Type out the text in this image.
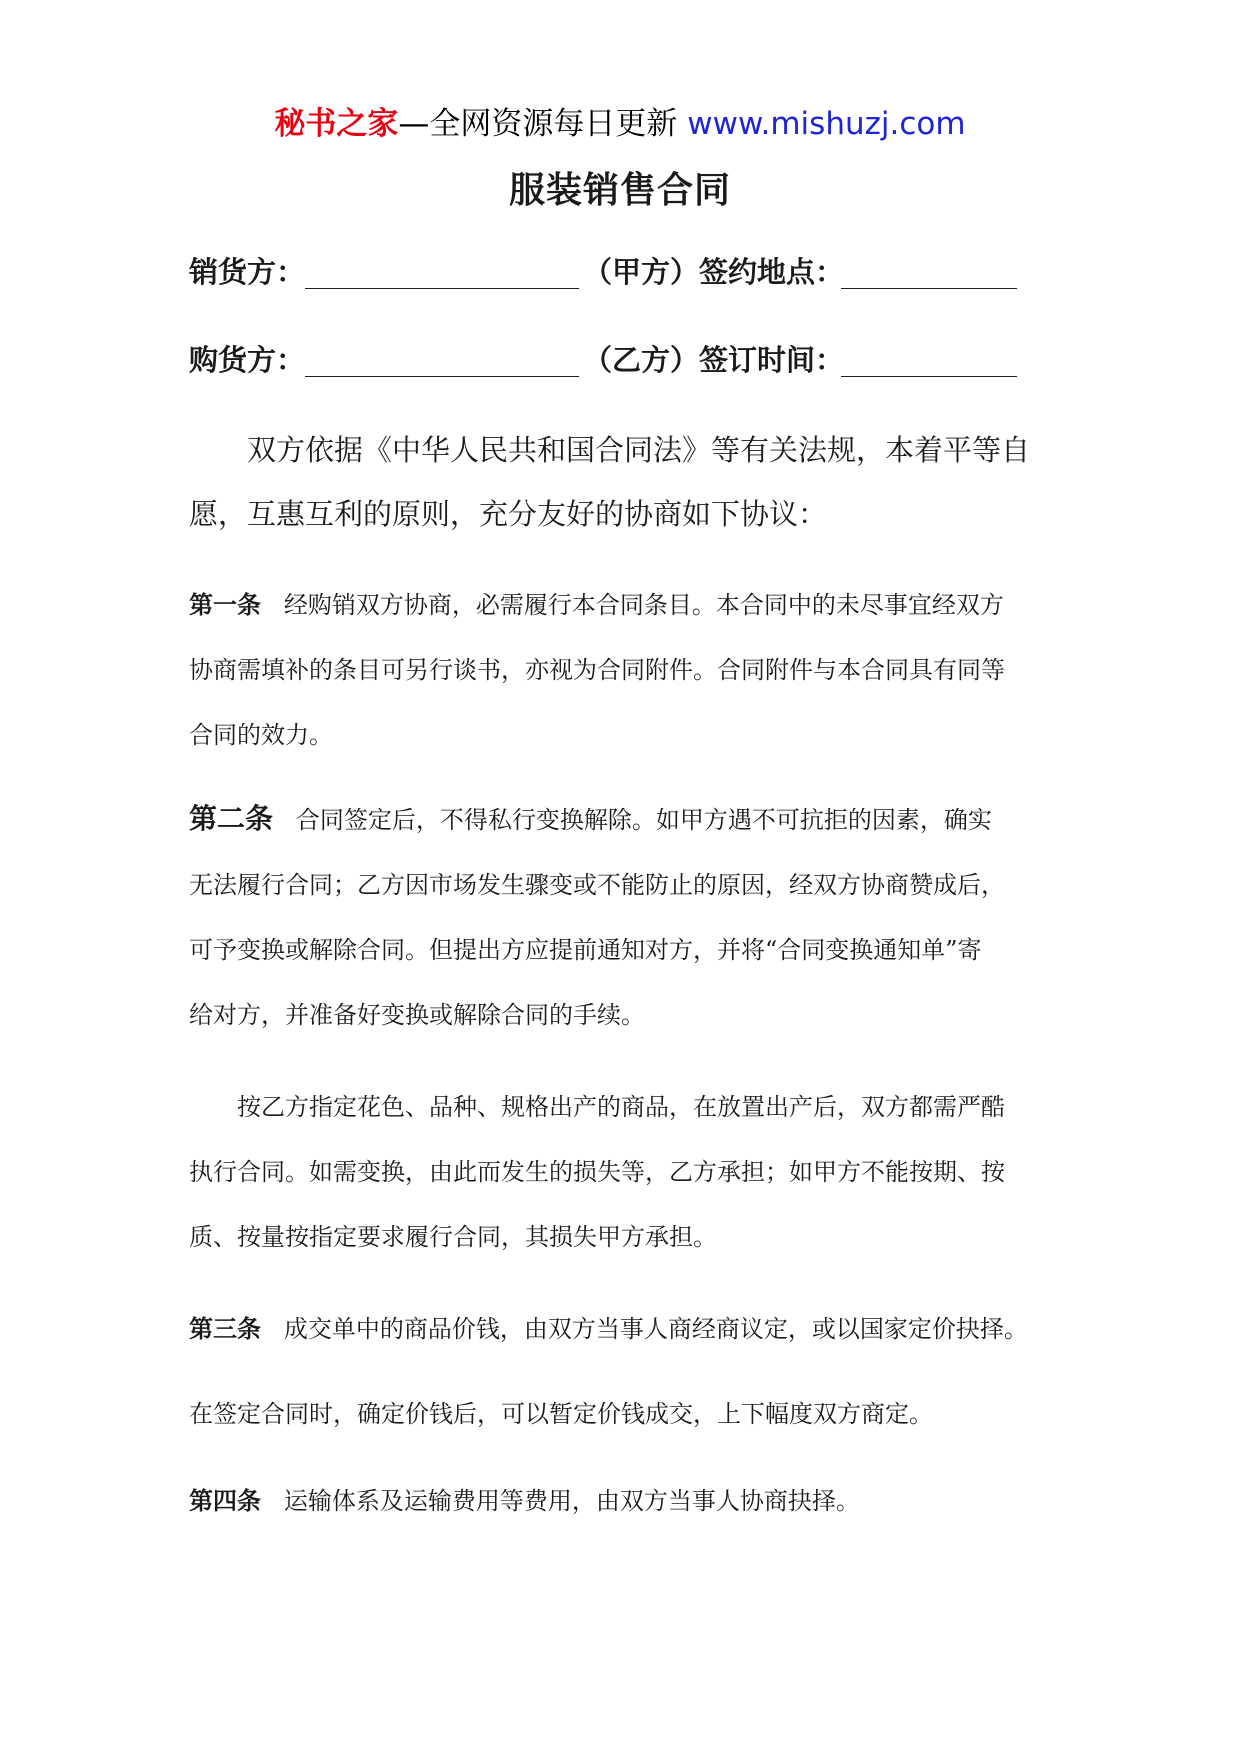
秘书之家—全网资源每日更新 www.mishuzj.com
服装销售合同
销货方：	（甲方）签约地点：
购货方：	（乙方）签订时间：
双方依据《中华人民共和国合同法》等有关法规，本着平等自
愿，互惠互利的原则，充分友好的协商如下协议：
第一条 经购销双方协商，必需履行本合同条目。本合同中的未尽事宜经双方
协商需填补的条目可另行谈书，亦视为合同附件。合同附件与本合同具有同等
合同的效力。
第二条 合同签定后，不得私行变换解除。如甲方遇不可抗拒的因素，确实
无法履行合同；乙方因市场发生骤变或不能防止的原因，经双方协商赞成后，
可予变换或解除合同。但提出方应提前通知对方，并将“合同变换通知单”寄
给对方，并准备好变换或解除合同的手续。
按乙方指定花色、品种、规格出产的商品，在放置出产后，双方都需严酷
执行合同。如需变换，由此而发生的损失等，乙方承担；如甲方不能按期、按
质、按量按指定要求履行合同，其损失甲方承担。
第三条 成交单中的商品价钱，由双方当事人商经商议定，或以国家定价抉择。
在签定合同时，确定价钱后，可以暂定价钱成交，上下幅度双方商定。
第四条 运输体系及运输费用等费用，由双方当事人协商抉择。
